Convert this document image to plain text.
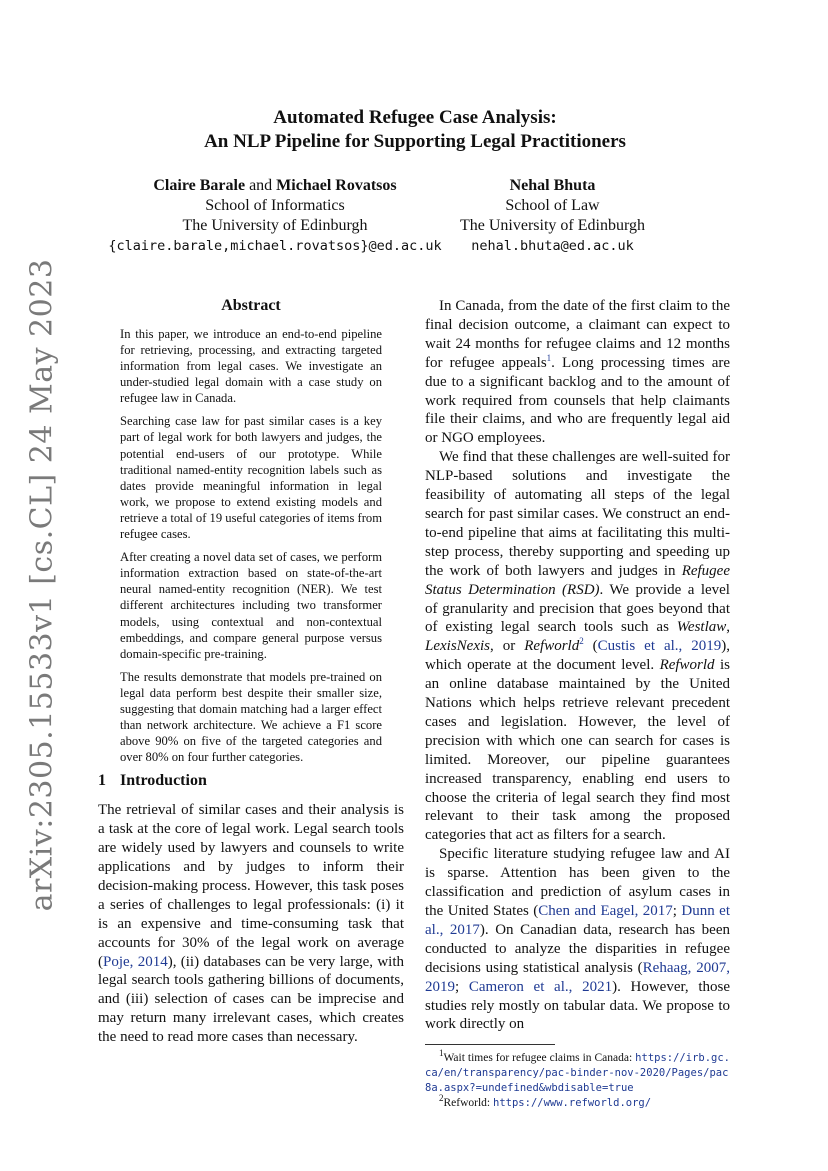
arXiv:2305.15533v1 [cs.CL] 24 May 2023
Automated Refugee Case Analysis:
An NLP Pipeline for Supporting Legal Practitioners
Claire Barale and Michael Rovatsos
School of Informatics
The University of Edinburgh
{claire.barale,michael.rovatsos}@ed.ac.uk
Nehal Bhuta
School of Law
The University of Edinburgh
nehal.bhuta@ed.ac.uk
Abstract

In this paper, we introduce an end-to-end pipeline for retrieving, processing, and extracting targeted information from legal cases. We investigate an under-studied legal domain with a case study on refugee law in Canada.

Searching case law for past similar cases is a key part of legal work for both lawyers and judges, the potential end-users of our prototype. While traditional named-entity recognition labels such as dates provide meaningful information in legal work, we propose to extend existing models and retrieve a total of 19 useful categories of items from refugee cases.

After creating a novel data set of cases, we perform information extraction based on state-of-the-art neural named-entity recognition (NER). We test different architectures including two transformer models, using contextual and non-contextual embeddings, and compare general purpose versus domain-specific pre-training.

The results demonstrate that models pre-trained on legal data perform best despite their smaller size, suggesting that domain matching had a larger effect than network architecture. We achieve a F1 score above 90% on five of the targeted categories and over 80% on four further categories.

1 Introduction

The retrieval of similar cases and their analysis is a task at the core of legal work. Legal search tools are widely used by lawyers and counsels to write applications and by judges to inform their decision-making process. However, this task poses a series of challenges to legal professionals: (i) it is an expensive and time-consuming task that accounts for 30% of the legal work on average (Poje, 2014), (ii) databases can be very large, with legal search tools gathering billions of documents, and (iii) selection of cases can be imprecise and may return many irrelevant cases, which creates the need to read more cases than necessary.

In Canada, from the date of the first claim to the final decision outcome, a claimant can expect to wait 24 months for refugee claims and 12 months for refugee appeals$^1$. Long processing times are due to a significant backlog and to the amount of work required from counsels that help claimants file their claims, and who are frequently legal aid or NGO employees.

We find that these challenges are well-suited for NLP-based solutions and investigate the feasibility of automating all steps of the legal search for past similar cases. We construct an end-to-end pipeline that aims at facilitating this multi-step process, thereby supporting and speeding up the work of both lawyers and judges in Refugee Status Determination (RSD). We provide a level of granularity and precision that goes beyond that of existing legal search tools such as Westlaw, LexisNexis, or Refworld$^2$ (Custis et al., 2019), which operate at the document level. Refworld is an online database maintained by the United Nations which helps retrieve relevant precedent cases and legislation. However, the level of precision with which one can search for cases is limited. Moreover, our pipeline guarantees increased transparency, enabling end users to choose the criteria of legal search they find most relevant to their task among the proposed categories that act as filters for a search.

Specific literature studying refugee law and AI is sparse. Attention has been given to the classification and prediction of asylum cases in the United States (Chen and Eagel, 2017; Dunn et al., 2017). On Canadian data, research has been conducted to analyze the disparities in refugee decisions using statistical analysis (Rehaag, 2007, 2019; Cameron et al., 2021). However, those studies rely mostly on tabular data. We propose to work directly on

$^1$Wait times for refugee claims in Canada: https://irb.gc.ca/en/transparency/pac-binder-nov-2020/Pages/pac8a.aspx?=undefined&wbdisable=true

$^2$Refworld: https://www.refworld.org/
